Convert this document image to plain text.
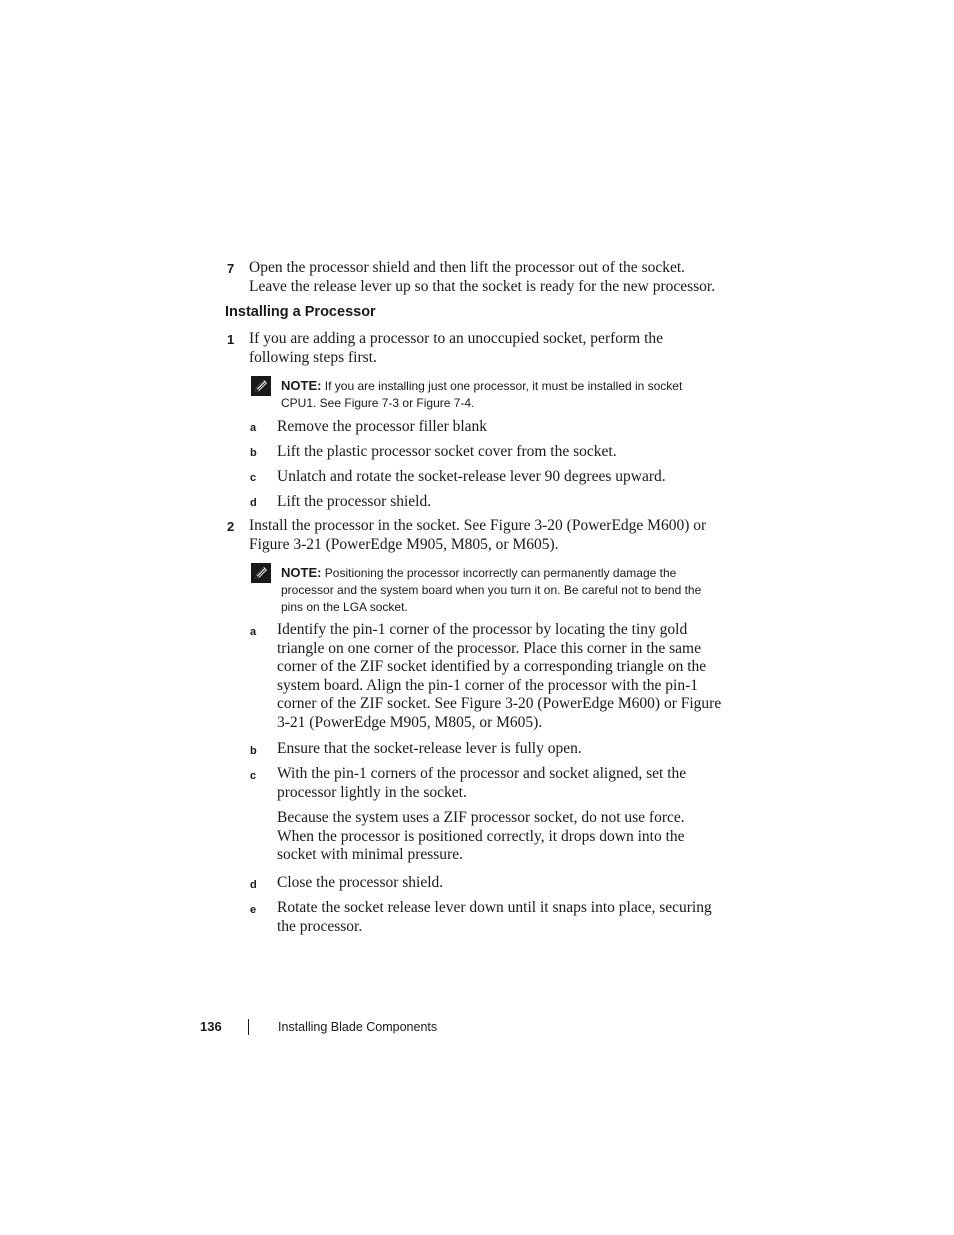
7 Open the processor shield and then lift the processor out of the socket. Leave the release lever up so that the socket is ready for the new processor.
Installing a Processor
1 If you are adding a processor to an unoccupied socket, perform the following steps first.
NOTE: If you are installing just one processor, it must be installed in socket CPU1. See Figure 7-3 or Figure 7-4.
a Remove the processor filler blank
b Lift the plastic processor socket cover from the socket.
c Unlatch and rotate the socket-release lever 90 degrees upward.
d Lift the processor shield.
2 Install the processor in the socket. See Figure 3-20 (PowerEdge M600) or Figure 3-21 (PowerEdge M905, M805, or M605).
NOTE: Positioning the processor incorrectly can permanently damage the processor and the system board when you turn it on. Be careful not to bend the pins on the LGA socket.
a Identify the pin-1 corner of the processor by locating the tiny gold triangle on one corner of the processor. Place this corner in the same corner of the ZIF socket identified by a corresponding triangle on the system board. Align the pin-1 corner of the processor with the pin-1 corner of the ZIF socket. See Figure 3-20 (PowerEdge M600) or Figure 3-21 (PowerEdge M905, M805, or M605).
b Ensure that the socket-release lever is fully open.
c With the pin-1 corners of the processor and socket aligned, set the processor lightly in the socket.
Because the system uses a ZIF processor socket, do not use force. When the processor is positioned correctly, it drops down into the socket with minimal pressure.
d Close the processor shield.
e Rotate the socket release lever down until it snaps into place, securing the processor.
136	Installing Blade Components
